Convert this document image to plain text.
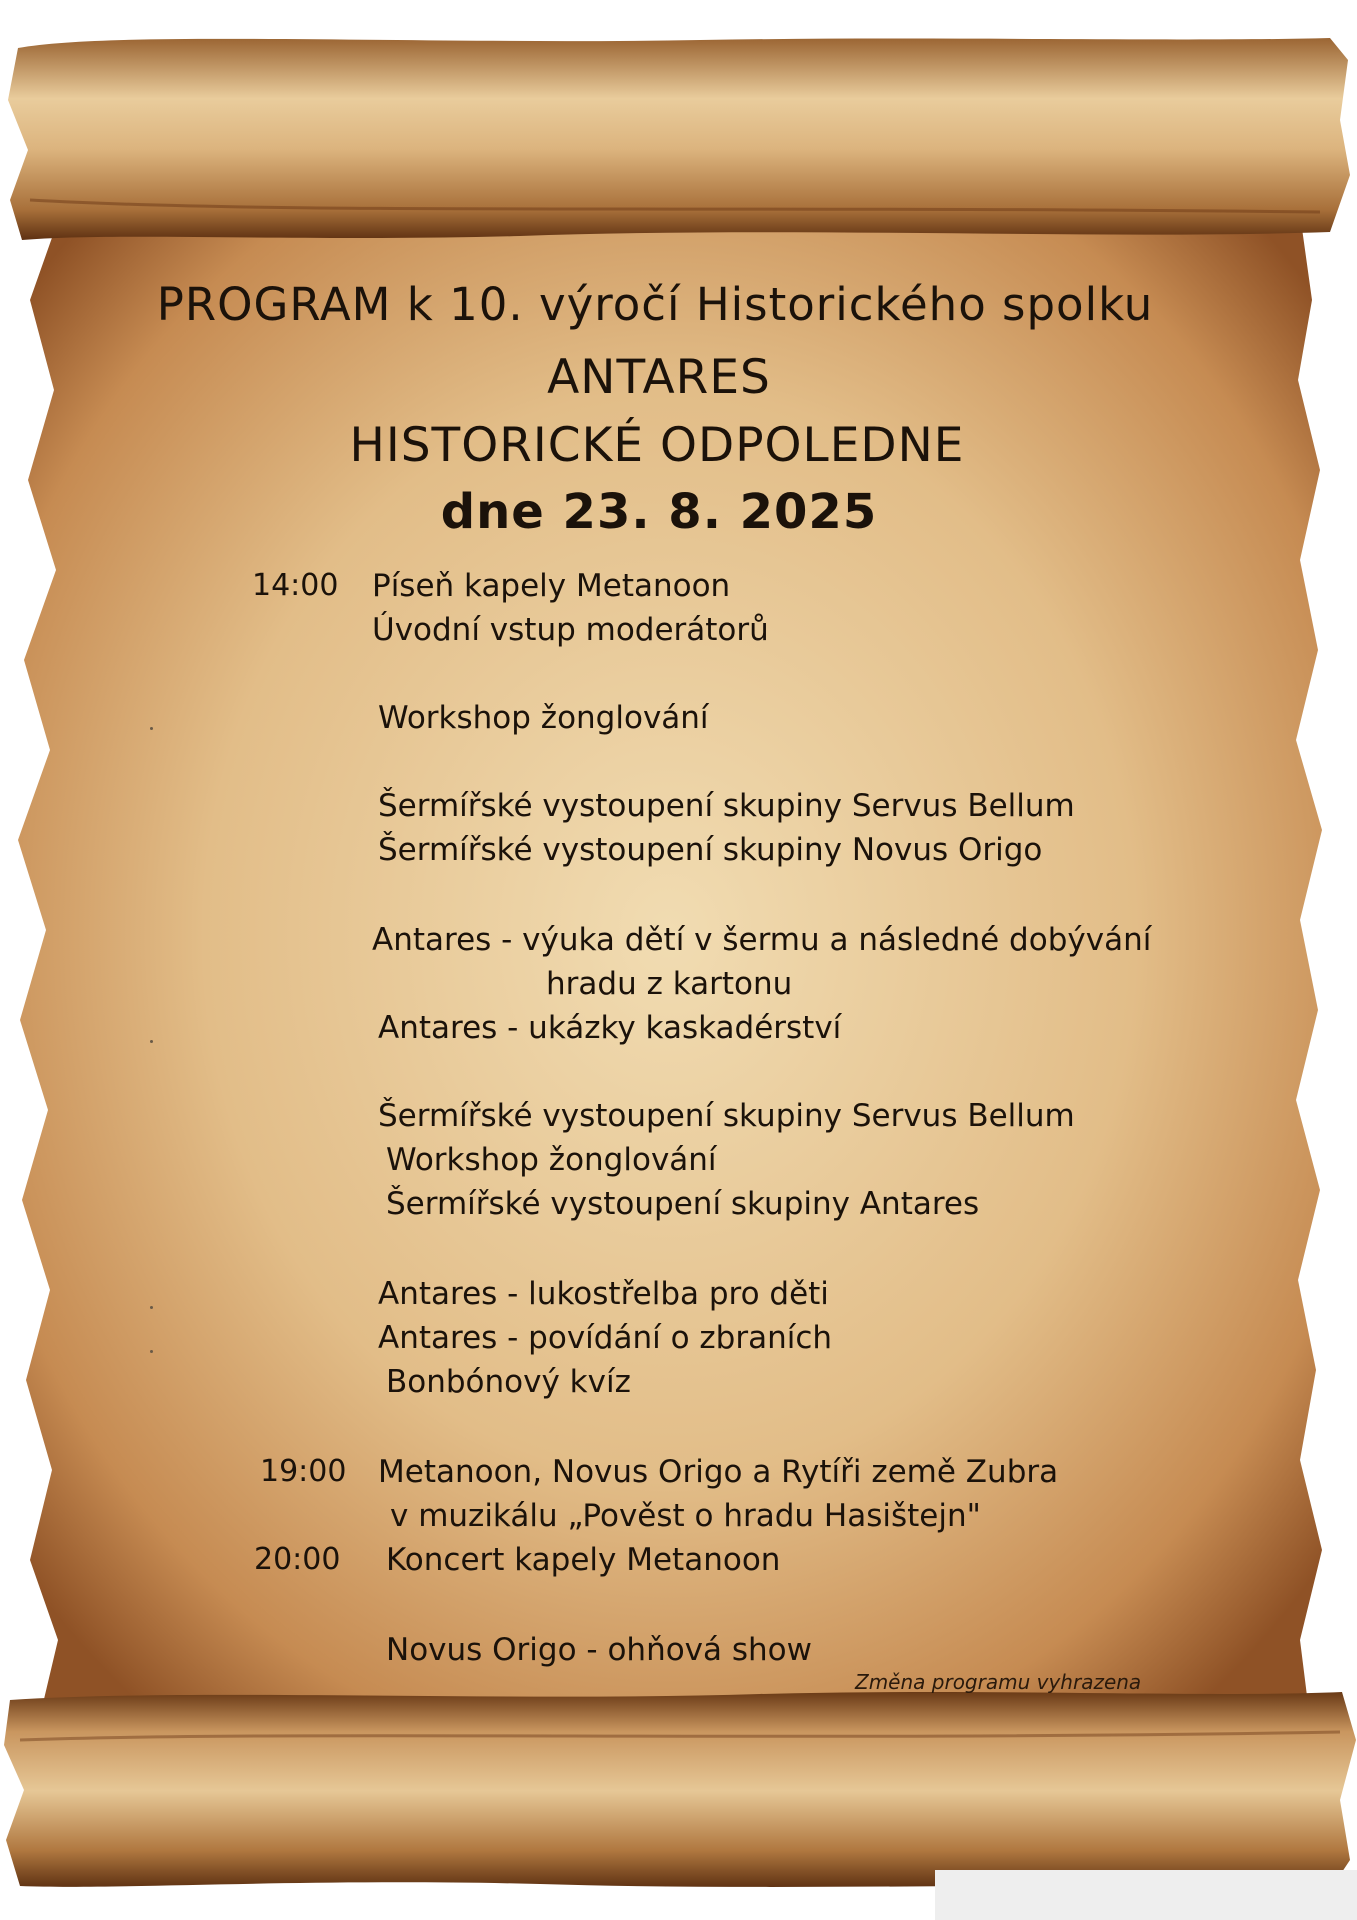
PROGRAM k 10. výročí Historického spolku
ANTARES
HISTORICKÉ ODPOLEDNE
dne 23. 8. 2025
14:00	Píseň kapely Metanoon
Úvodní vstup moderátorů
Workshop žonglování
Šermířské vystoupení skupiny Servus Bellum
Šermířské vystoupení skupiny Novus Origo
Antares - výuka dětí v šermu a následné dobývání
hradu z kartonu
Antares - ukázky kaskadérství
Šermířské vystoupení skupiny Servus Bellum
Workshop žonglování
Šermířské vystoupení skupiny Antares
Antares - lukostřelba pro děti
Antares - povídání o zbraních
Bonbónový kvíz
19:00	Metanoon, Novus Origo a Rytíři země Zubra
v muzikálu „Pověst o hradu Hasištejn"
20:00	Koncert kapely Metanoon
Novus Origo - ohňová show
Změna programu vyhrazena
